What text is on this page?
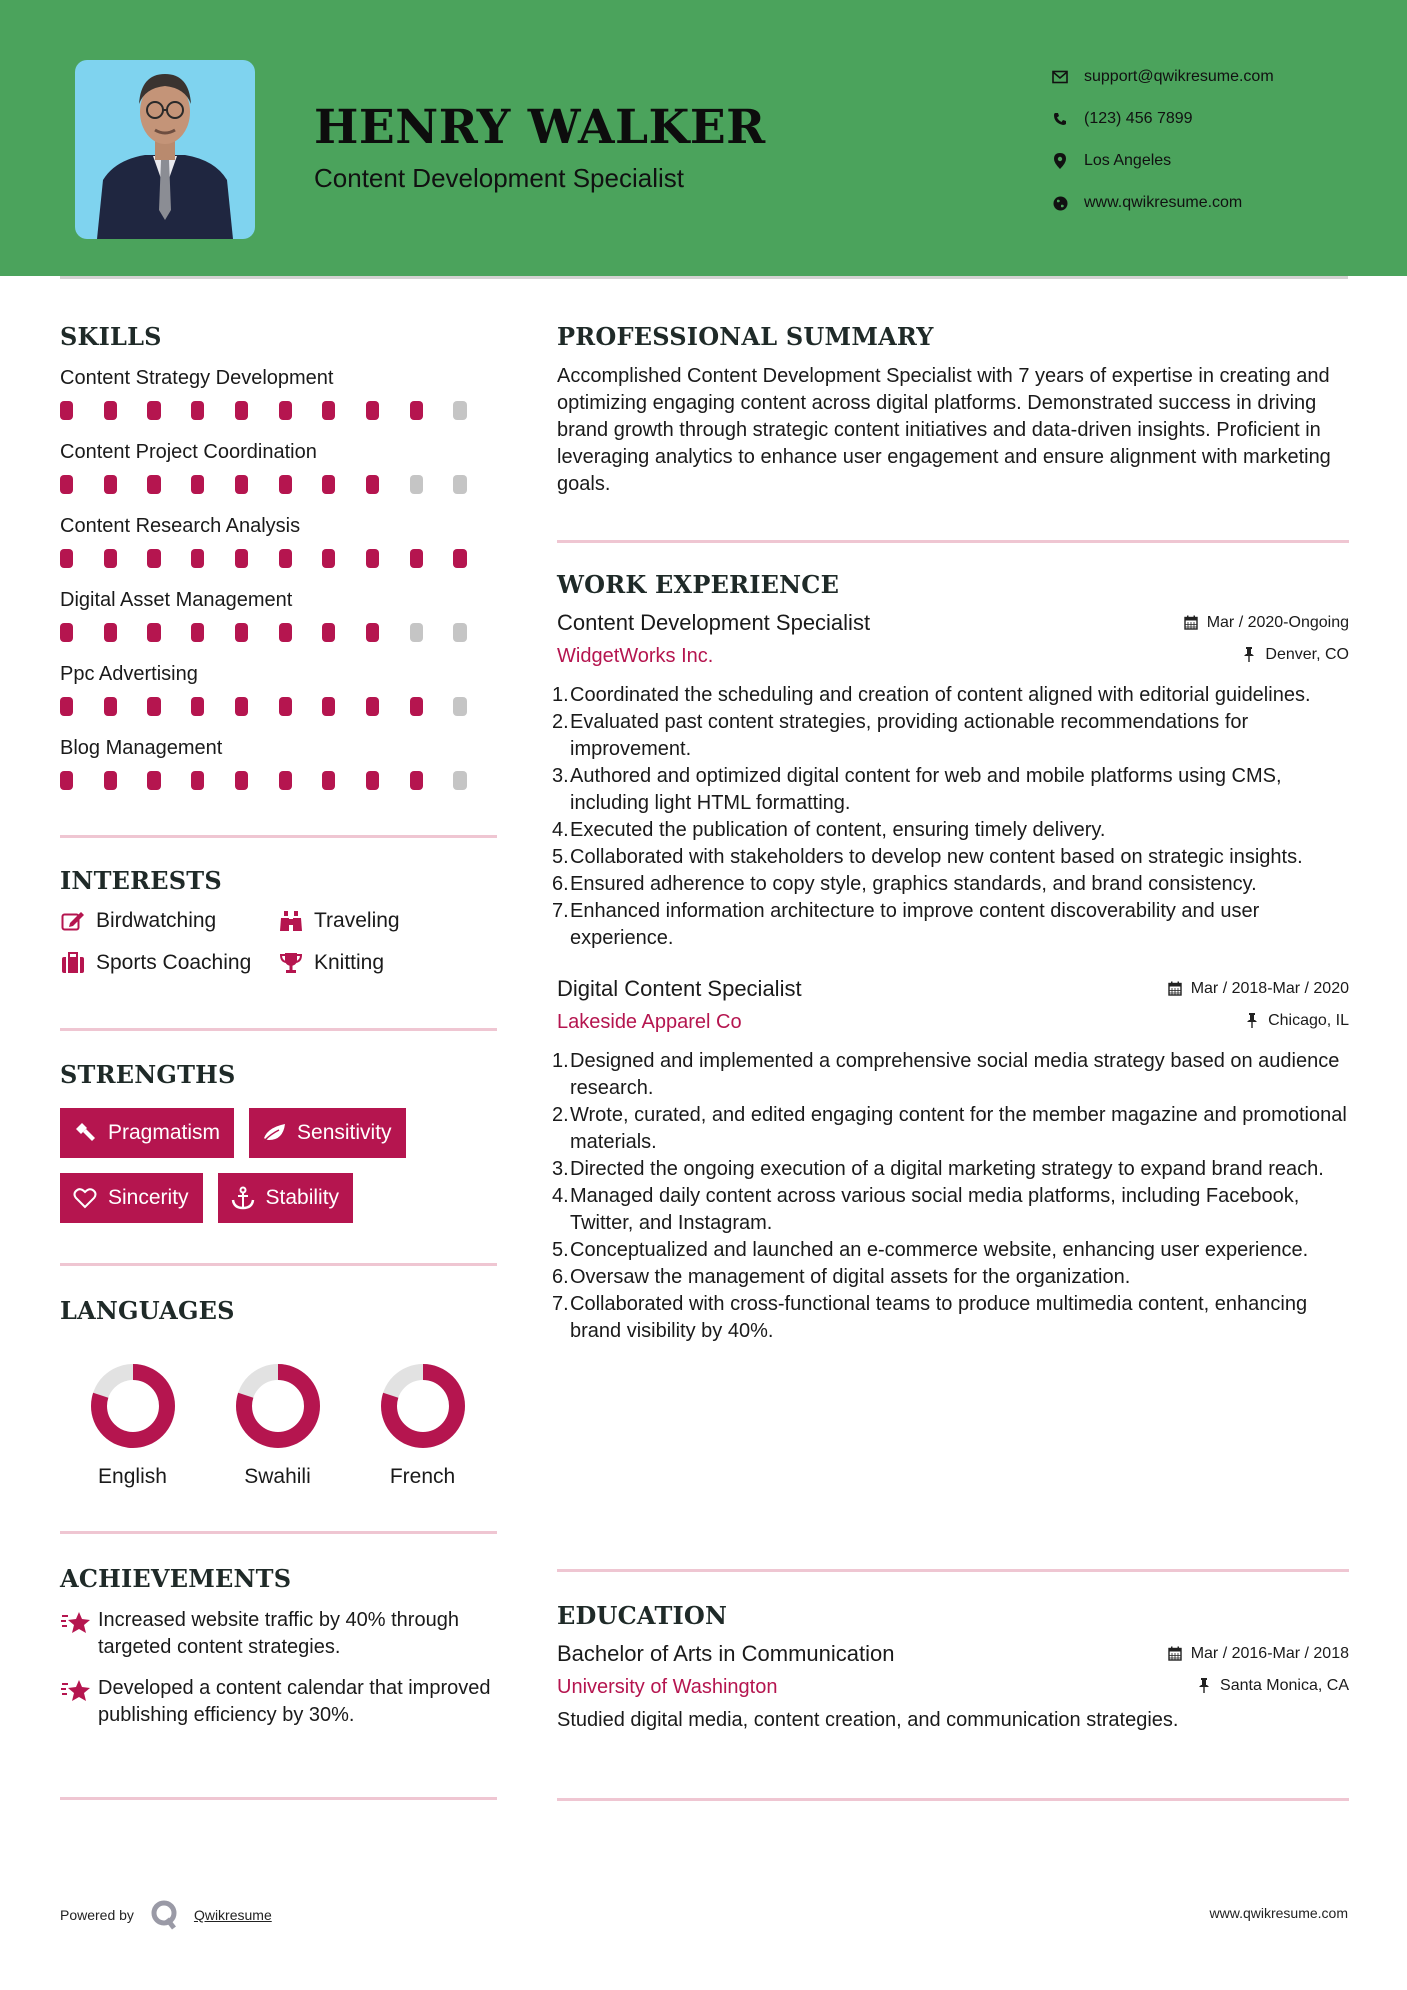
HENRY WALKER
Content Development Specialist
support@qwikresume.com
(123) 456 7899
Los Angeles
www.qwikresume.com
SKILLS
Content Strategy Development
Content Project Coordination
Content Research Analysis
Digital Asset Management
Ppc Advertising
Blog Management
INTERESTS
Birdwatching	Traveling
Sports Coaching	Knitting
STRENGTHS
Pragmatism	Sensitivity
Sincerity	Stability
LANGUAGES
English	Swahili	French
ACHIEVEMENTS
Increased website traffic by 40% through targeted content strategies.
Developed a content calendar that improved publishing efficiency by 30%.
PROFESSIONAL SUMMARY
Accomplished Content Development Specialist with 7 years of expertise in creating and optimizing engaging content across digital platforms. Demonstrated success in driving brand growth through strategic content initiatives and data-driven insights. Proficient in leveraging analytics to enhance user engagement and ensure alignment with marketing goals.
WORK EXPERIENCE
Content Development Specialist	Mar / 2020-Ongoing
WidgetWorks Inc.	Denver, CO
1. Coordinated the scheduling and creation of content aligned with editorial guidelines.
2. Evaluated past content strategies, providing actionable recommendations for improvement.
3. Authored and optimized digital content for web and mobile platforms using CMS, including light HTML formatting.
4. Executed the publication of content, ensuring timely delivery.
5. Collaborated with stakeholders to develop new content based on strategic insights.
6. Ensured adherence to copy style, graphics standards, and brand consistency.
7. Enhanced information architecture to improve content discoverability and user experience.
Digital Content Specialist	Mar / 2018-Mar / 2020
Lakeside Apparel Co	Chicago, IL
1. Designed and implemented a comprehensive social media strategy based on audience research.
2. Wrote, curated, and edited engaging content for the member magazine and promotional materials.
3. Directed the ongoing execution of a digital marketing strategy to expand brand reach.
4. Managed daily content across various social media platforms, including Facebook, Twitter, and Instagram.
5. Conceptualized and launched an e-commerce website, enhancing user experience.
6. Oversaw the management of digital assets for the organization.
7. Collaborated with cross-functional teams to produce multimedia content, enhancing brand visibility by 40%.
EDUCATION
Bachelor of Arts in Communication	Mar / 2016-Mar / 2018
University of Washington	Santa Monica, CA
Studied digital media, content creation, and communication strategies.
Powered by	Qwikresume	www.qwikresume.com
